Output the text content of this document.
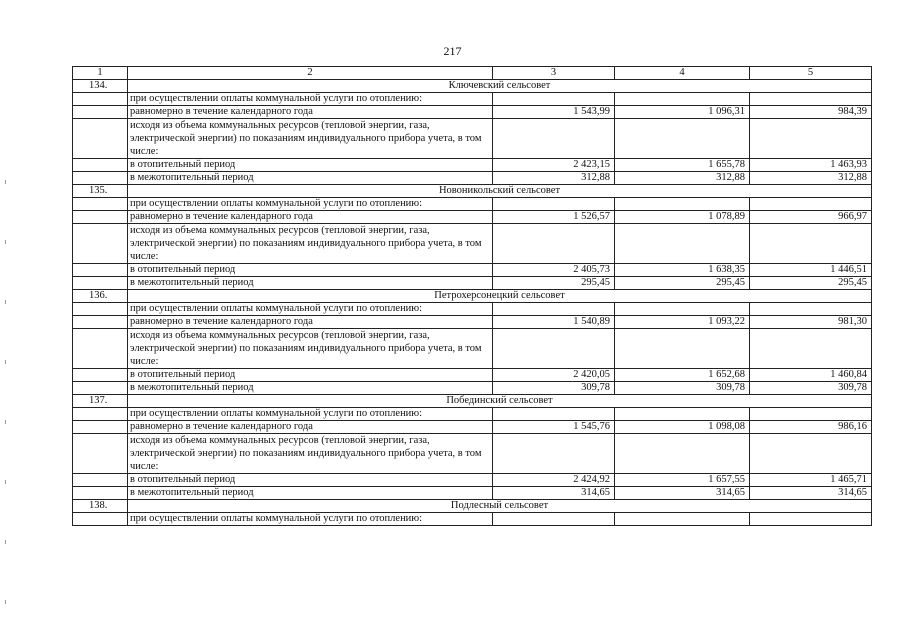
217
1	2	3	4	5
134.	Ключевский сельсовет			
	при осуществлении оплаты коммунальной услуги по отоплению:			
	равномерно в течение календарного года	1 543,99	1 096,31	984,39
	исходя из объема коммунальных ресурсов (тепловой энергии, газа, электрической энергии) по показаниям индивидуального прибора учета, в том числе:			
	в отопительный период	2 423,15	1 655,78	1 463,93
	в межотопительный период	312,88	312,88	312,88
135.	Новоникольский сельсовет			
	при осуществлении оплаты коммунальной услуги по отоплению:			
	равномерно в течение календарного года	1 526,57	1 078,89	966,97
	исходя из объема коммунальных ресурсов (тепловой энергии, газа, электрической энергии) по показаниям индивидуального прибора учета, в том числе:			
	в отопительный период	2 405,73	1 638,35	1 446,51
	в межотопительный период	295,45	295,45	295,45
136.	Петрохерсонецкий сельсовет			
	при осуществлении оплаты коммунальной услуги по отоплению:			
	равномерно в течение календарного года	1 540,89	1 093,22	981,30
	исходя из объема коммунальных ресурсов (тепловой энергии, газа, электрической энергии) по показаниям индивидуального прибора учета, в том числе:			
	в отопительный период	2 420,05	1 652,68	1 460,84
	в межотопительный период	309,78	309,78	309,78
137.	Побединский сельсовет			
	при осуществлении оплаты коммунальной услуги по отоплению:			
	равномерно в течение календарного года	1 545,76	1 098,08	986,16
	исходя из объема коммунальных ресурсов (тепловой энергии, газа, электрической энергии) по показаниям индивидуального прибора учета, в том числе:			
	в отопительный период	2 424,92	1 657,55	1 465,71
	в межотопительный период	314,65	314,65	314,65
138.	Подлесный сельсовет			
	при осуществлении оплаты коммунальной услуги по отоплению:			
